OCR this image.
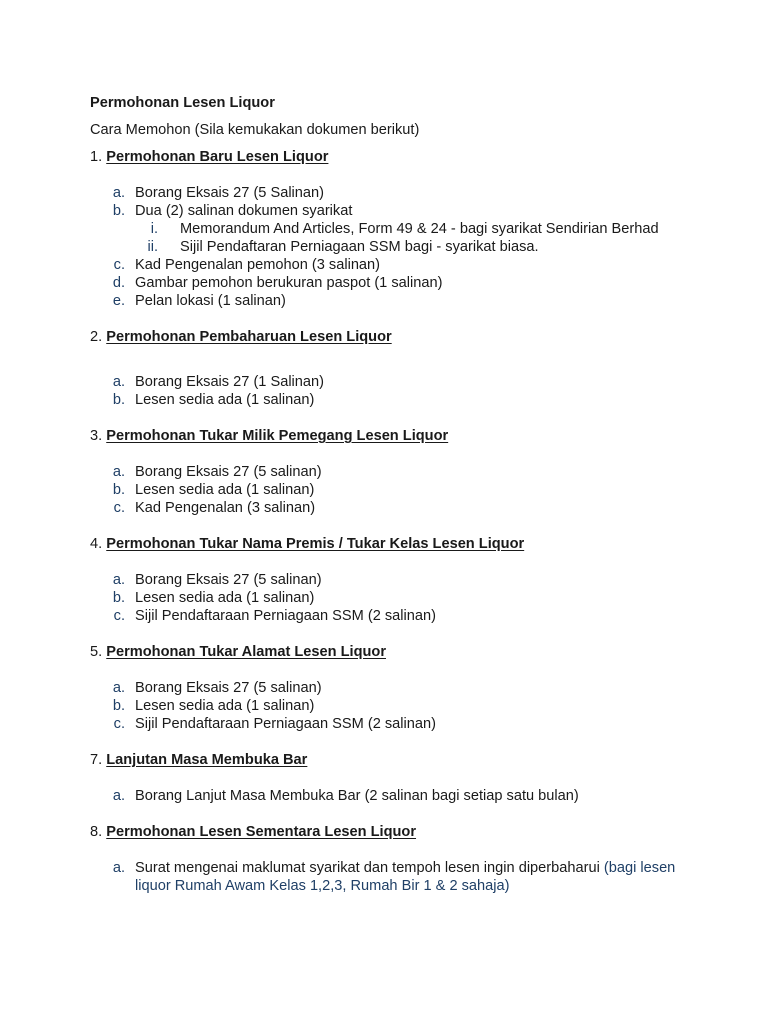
Permohonan Lesen Liquor
Cara Memohon (Sila kemukakan dokumen berikut)
1. Permohonan Baru Lesen Liquor
a. Borang Eksais 27 (5 Salinan)
b. Dua (2) salinan dokumen syarikat
i. Memorandum And Articles, Form 49 & 24 - bagi syarikat Sendirian Berhad
ii. Sijil Pendaftaran Perniagaan SSM bagi - syarikat biasa.
c. Kad Pengenalan pemohon (3 salinan)
d. Gambar pemohon berukuran paspot (1 salinan)
e. Pelan lokasi (1 salinan)
2. Permohonan Pembaharuan Lesen Liquor
a. Borang Eksais 27 (1 Salinan)
b. Lesen sedia ada (1 salinan)
3. Permohonan Tukar Milik Pemegang Lesen Liquor
a. Borang Eksais 27 (5 salinan)
b. Lesen sedia ada (1 salinan)
c. Kad Pengenalan (3 salinan)
4. Permohonan Tukar Nama Premis / Tukar Kelas Lesen Liquor
a. Borang Eksais 27 (5 salinan)
b. Lesen sedia ada (1 salinan)
c. Sijil Pendaftaraan Perniagaan SSM (2 salinan)
5. Permohonan Tukar Alamat Lesen Liquor
a. Borang Eksais 27 (5 salinan)
b. Lesen sedia ada (1 salinan)
c. Sijil Pendaftaraan Perniagaan SSM (2 salinan)
7. Lanjutan Masa Membuka Bar
a. Borang Lanjut Masa Membuka Bar (2 salinan bagi setiap satu bulan)
8. Permohonan Lesen Sementara Lesen Liquor
a. Surat mengenai maklumat syarikat dan tempoh lesen ingin diperbaharui (bagi lesen liquor Rumah Awam Kelas 1,2,3, Rumah Bir 1 & 2 sahaja)
